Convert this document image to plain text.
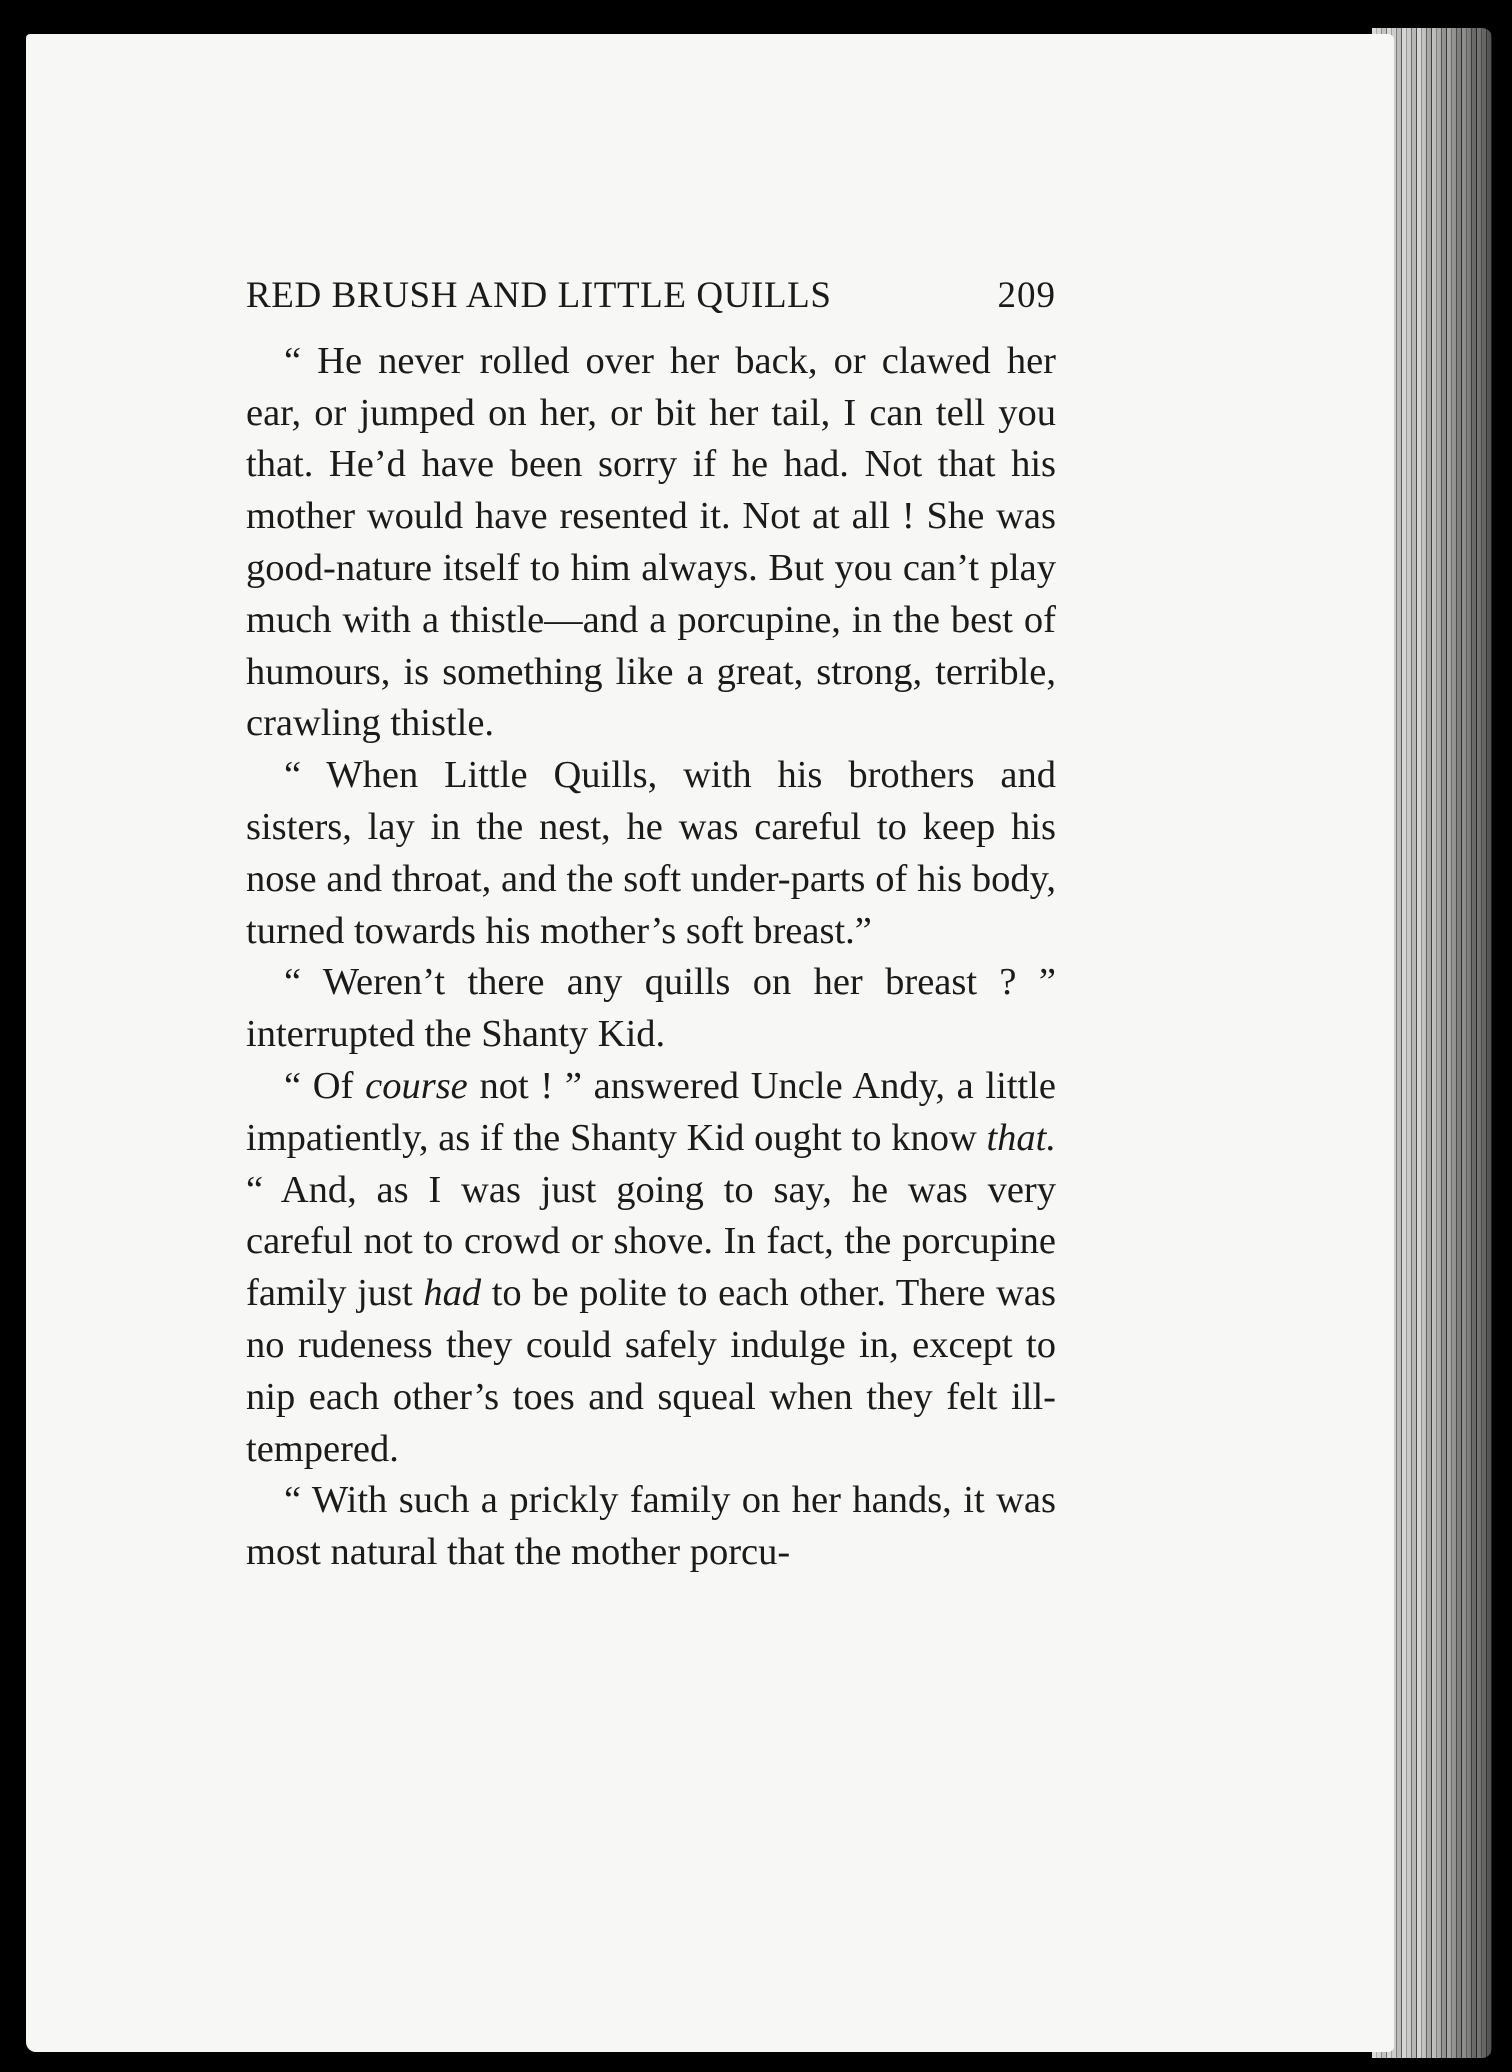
RED BRUSH AND LITTLE QUILLS	209

“ He never rolled over her back, or clawed her ear, or jumped on her, or bit her tail, I can tell you that. He’d have been sorry if he had. Not that his mother would have resented it. Not at all ! She was good-nature itself to him always. But you can’t play much with a thistle—and a porcupine, in the best of humours, is something like a great, strong, terrible, crawling thistle.

“ When Little Quills, with his brothers and sisters, lay in the nest, he was careful to keep his nose and throat, and the soft under-parts of his body, turned towards his mother’s soft breast.”

“ Weren’t there any quills on her breast ? ” interrupted the Shanty Kid.

“ Of course not ! ” answered Uncle Andy, a little impatiently, as if the Shanty Kid ought to know that. “ And, as I was just going to say, he was very careful not to crowd or shove. In fact, the porcupine family just had to be polite to each other. There was no rudeness they could safely indulge in, except to nip each other’s toes and squeal when they felt ill-tempered.

“ With such a prickly family on her hands, it was most natural that the mother porcu-
